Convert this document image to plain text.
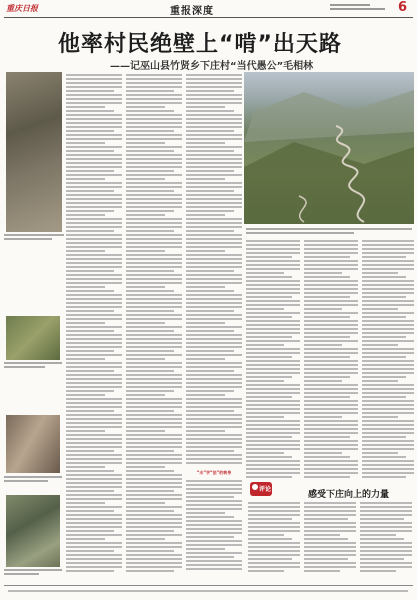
重庆日报	重报深度	6
他率村民绝壁上“啃”出天路
——记巫山县竹贤乡下庄村“当代愚公”毛相林
“水”字“法”的转身
评论
感受下庄向上的力量
